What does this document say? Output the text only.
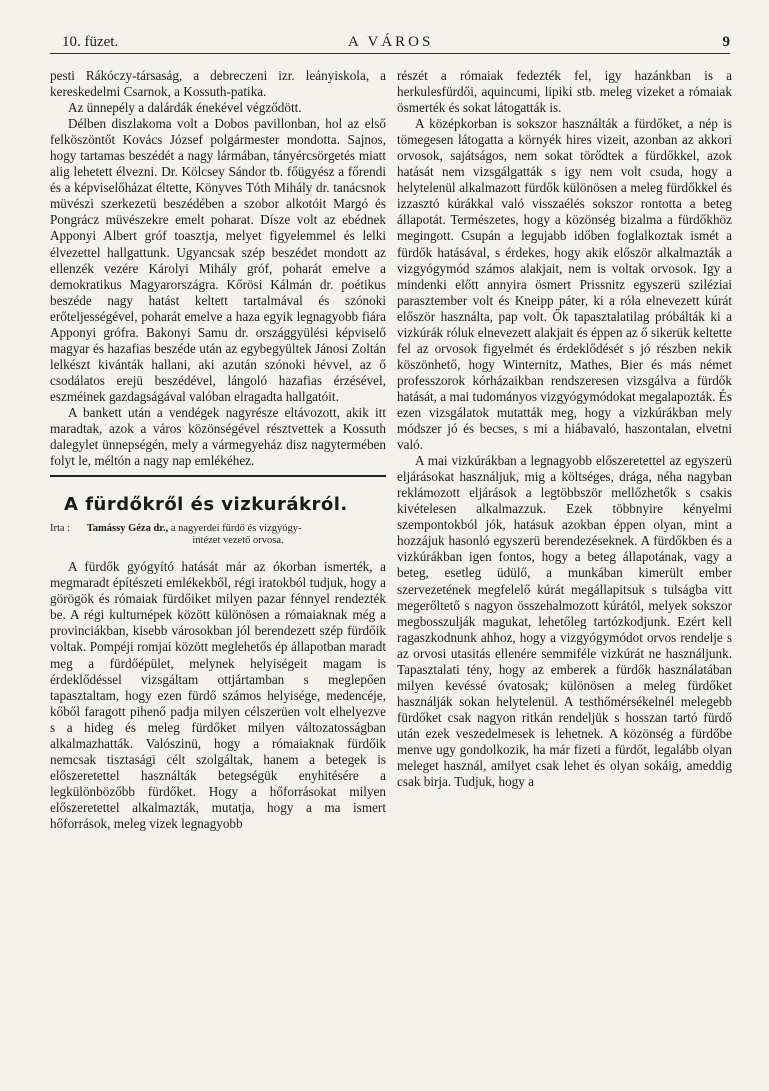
10. füzet.	A VÁROS	9

pesti Rákóczy-társaság, a debreczeni izr. leányiskola, a kereskedelmi Csarnok, a Kossuth-patika.

Az ünnepély a dalárdák énekével végződött.

Délben diszlakoma volt a Dobos pavillonban, hol az első felköszöntőt Kovács József polgármester mondotta. Sajnos, hogy tartamas beszédét a nagy lármában, tányércsörgetés miatt alig lehetett élvezni. Dr. Kölcsey Sándor tb. főügyész a főrendi és a képviselőházat éltette, Könyves Tóth Mihály dr. tanácsnok müvészi szerkezetü beszédében a szobor alkotóit Margó és Pongrácz müvészekre emelt poharat. Dísze volt az ebédnek Apponyi Albert gróf toasztja, melyet figyelemmel és lelki élvezettel hallgattunk. Ugyancsak szép beszédet mondott az ellenzék vezére Károlyi Mihály gróf, poharát emelve a demokratikus Magyarországra. Kőrösi Kálmán dr. poétikus beszéde nagy hatást keltett tartalmával és szónoki erőteljességével, poharát emelve a haza egyik legnagyobb fiára Apponyi grófra. Bakonyi Samu dr. országgyülési képviselő magyar és hazafias beszéde után az egybegyültek Jánosi Zoltán lelkészt kivánták hallani, aki azután szónoki hévvel, az ő csodálatos erejü beszédével, lángoló hazafias érzésével, eszméinek gazdagságával valóban elragadta hallgatóit.

A bankett után a vendégek nagyrésze eltávozott, akik itt maradtak, azok a város közönségével résztvettek a Kossuth dalegylet ünnepségén, mely a vármegyeház disz nagytermében folyt le, méltón a nagy nap emlékéhez.

A fürdőkről és vizkurákról.
Irta : Tamássy Géza dr., a nagyerdei fürdő és vizgyógy-
intézet vezető orvosa.

A fürdők gyógyító hatását már az ókorban ismerték, a megmaradt építészeti emlékekből, régi iratokból tudjuk, hogy a görögök és rómaiak fürdőiket milyen pazar fénnyel rendezték be. A régi kulturnépek között különösen a rómaiaknak még a provinciákban, kisebb városokban jól berendezett szép fürdőik voltak. Pompéji romjai között meglehetős ép állapotban maradt meg a fürdőépület, melynek helyiségeit magam is érdeklődéssel vizsgáltam ottjártamban s meglepően tapasztaltam, hogy ezen fürdő számos helyisége, medencéje, kőből faragott pihenő padja milyen célszerüen volt elhelyezve s a hideg és meleg fürdőket milyen változatosságban alkalmazhatták. Valószinü, hogy a rómaiaknak fürdőik nemcsak tisztasági célt szolgáltak, hanem a betegek is előszeretettel használták betegségük enyhitésére a legkülönbözőbb fürdőket. Hogy a hőforrásokat milyen előszeretettel alkalmazták, mutatja, hogy a ma ismert hőforrások, meleg vizek legnagyobb

részét a rómaiak fedezték fel, igy hazánkban is a herkulesfürdői, aquincumi, lipiki stb. meleg vizeket a rómaiak ösmerték és sokat látogatták is.

A középkorban is sokszor használták a fürdőket, a nép is tömegesen látogatta a környék hires vizeit, azonban az akkori orvosok, sajátságos, nem sokat törődtek a fürdőkkel, azok hatását nem vizsgálgatták s igy nem volt csuda, hogy a helytelenül alkalmazott fürdők különösen a meleg fürdőkkel és izzasztó kúrákkal való visszaélés sokszor rontotta a beteg állapotát. Természetes, hogy a közönség bizalma a fürdőkhöz megingott. Csupán a legujabb időben foglalkoztak ismét a fürdők hatásával, s érdekes, hogy akik először alkalmazták a vizgyógymód számos alakjait, nem is voltak orvosok. Igy a mindenki előtt annyira ösmert Prissnitz egyszerü sziléziai parasztember volt és Kneipp páter, ki a róla elnevezett kúrát először használta, pap volt. Ők tapasztalatilag próbálták ki a vizkúrák róluk elnevezett alakjait és éppen az ő sikerük keltette fel az orvosok figyelmét és érdeklődését s jó részben nekik köszönhető, hogy Winternitz, Mathes, Bier és más német professzorok kórházaikban rendszeresen vizsgálva a fürdők hatását, a mai tudományos vizgyógymódokat megalapozták. És ezen vizsgálatok mutatták meg, hogy a vizkúrákban mely módszer jó és becses, s mi a hiábavaló, haszontalan, elvetni való.

A mai vizkúrákban a legnagyobb előszeretettel az egyszerü eljárásokat használjuk, mig a költséges, drága, néha nagyban reklámozott eljárások a legtöbbször mellőzhetők s csakis kivételesen alkalmazzuk. Ezek többnyire kényelmi szempontokból jók, hatásuk azokban éppen olyan, mint a hozzájuk hasonló egyszerü berendezéseknek. A fürdőkben és a vizkúrákban igen fontos, hogy a beteg állapotának, vagy a beteg, esetleg üdülő, a munkában kimerült ember szervezetének megfelelő kúrát megállapitsuk s tulságba vitt megerőltető s nagyon összehalmozott kúrától, melyek sokszor megbosszulják magukat, lehetőleg tartózkodjunk. Ezért kell ragaszkodnunk ahhoz, hogy a vizgyógymódot orvos rendelje s az orvosi utasitás ellenére semmiféle vizkúrát ne használjunk. Tapasztalati tény, hogy az emberek a fürdők használatában milyen kevéssé óvatosak; különösen a meleg fürdőket használják sokan helytelenül. A testhőmérsékelnél melegebb fürdőket csak nagyon ritkán rendeljük s hosszan tartó fürdő után ezek veszedelmesek is lehetnek. A közönség a fürdőbe menve ugy gondolkozik, ha már fizeti a fürdőt, legalább olyan meleget használ, amilyet csak lehet és olyan sokáig, ameddig csak birja. Tudjuk, hogy a
